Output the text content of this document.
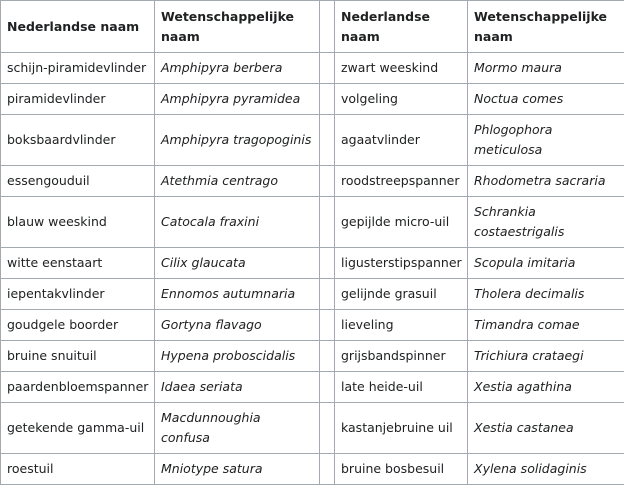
Nederlandse naam	Wetenschappelijke naam		Nederlandse naam	Wetenschappelijke naam
schijn-piramidevlinder	Amphipyra berbera		zwart weeskind	Mormo maura
piramidevlinder	Amphipyra pyramidea		volgeling	Noctua comes
boksbaardvlinder	Amphipyra tragopoginis		agaatvlinder	Phlogophora meticulosa
essengouduil	Atethmia centrago		roodstreepspanner	Rhodometra sacraria
blauw weeskind	Catocala fraxini		gepijlde micro-uil	Schrankia costaestrigalis
witte eenstaart	Cilix glaucata		ligusterstipspanner	Scopula imitaria
iepentakvlinder	Ennomos autumnaria		gelijnde grasuil	Tholera decimalis
goudgele boorder	Gortyna flavago		lieveling	Timandra comae
bruine snuituil	Hypena proboscidalis		grijsbandspinner	Trichiura crataegi
paardenbloemspanner	Idaea seriata		late heide-uil	Xestia agathina
getekende gamma-uil	Macdunnoughia confusa		kastanjebruine uil	Xestia castanea
roestuil	Mniotype satura		bruine bosbesuil	Xylena solidaginis
